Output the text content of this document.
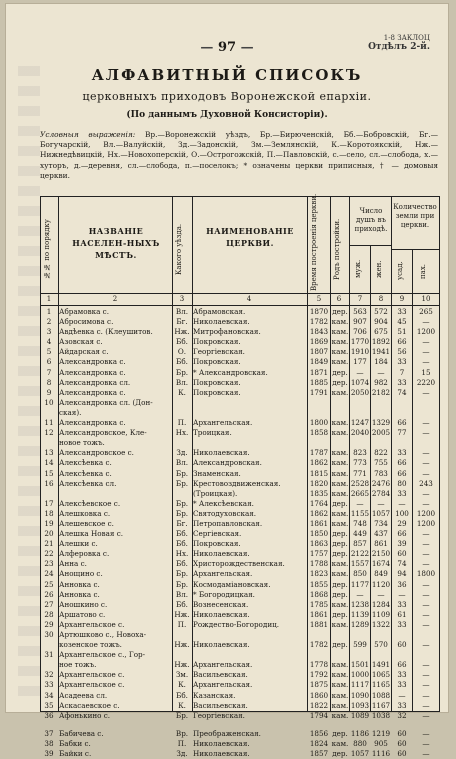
— 97 —
1-8 ЗАКЛОЦ
Отдѣлъ 2-й.
АЛФАВИТНЫЙ СПИСОКЪ
церковныхъ приходовъ Воронежской епархіи.
(По даннымъ Духовной Консисторіи).
Условныя выраженія: Вр.—Воронежскій уѣздъ, Бр.—Бирюченскій, Бб.—Бобровскій, Бг.—Богучарскій, Вл.—Валуйскій, Зд.—Задонскій, Зм.—Землянскій, К.—Коротоякскій, Нж.—Нижнедѣвицкій, Нх.—Новохоперскій, О.—Острогожскій, П.—Павловскій, с.—село, сл.—слобода, х.—хуторъ, д.—деревня, сл.—слобода, п.—поселокъ; * означены церкви приписныя, † — домовыя церкви.
№№ по порядку	НАЗВАНІЕ НАСЕЛЕН-НЫХЪ МѢСТЪ.	Какого уѣзда.	НАИМЕНОВАНІЕ ЦЕРКВИ.	Время построенія церкви.	Родъ постройки.
Число душъ въ приходѣ.
муж.	жен.
Количество земли при церкви.
усад.	пах.
1	2	3	4	5	6	7	8	9	10
1	Абрамовка с.	Вл. Абрамовская.	1870 дер. 563	572	33	265
2	Абросимова с.	Бг. Николаевская.	1782 кам. 907	904	45	—
3	Авдѣевка с. (Клеушитов.	Нж. Митрофановская.	1843 кам. 706	675	51	1200
4	Азовская с.	Бб. Покровская.	1869 кам. 1770 1892	66	—
5	Айдарская с.	О. Георгіевская.	1807 кам. 1910 1941	56	—
6	Александровка с.	Бб. Покровская.	1849 кам. 177	184	33	—
7	Александровка с.	Бр. * Александровская.	1871 дер.	—	—	7	15
8	Александровка сл.	Вл. Покровская.	1885 дер. 1074 982	33	2220
9	Александровка с.	К. Покровская.	1791 кам. 2050 2182	74	—
10 Александровка сл. (Дон-
ская).
11 Александровка с.	П. Архангельская.	1800 кам. 1247 1329	66	—
12 Александровское, Кле-	Нх. Троицкая.	1858 кам. 2040 2005	77	—
новое тожъ.
13 Александровское с.	Зд. Николаевская.	1787 кам. 823	822	33	—
14 Алексѣевка с.	Вл. Александровская.	1862 кам. 773	755	66	—
15 Алексѣевка с.	Бр. Знаменская.	1815 кам. 771	783	66	—
16 Алексѣевка сл.	Бр. Крестовоздвиженская.	1820 кам. 2528 2476	80	243
(Троицкая).	1835 кам. 2665 2784	33	—
17 Алексѣевское с.	Бр. * Алексѣевская.	1764 дер.	—	—	—	—
18 Алешковка с.	Бр. Святодуховская.	1862 кам. 1155 1057 100	1200
19 Алешевское с.	Бг. Петропавловская.	1861 кам. 748	734	29	1200
20 Алешка Новая с.	Бб. Сергіевская.	1850 дер. 449	437	66	—
21 Алешки с.	Бб. Покровская.	1863 дер. 857	861	39	—
22 Алферовка с.	Нх. Николаевская.	1757 дер. 2122 2150	60	—
23 Анна с.	Бб. Христорождественская.	1788 кам. 1557 1674	74	—
24 Анощино с.	Бр. Архангельская.	1823 кам. 850	849	94	1800
25 Анновка с.	Бр. Космодаміановская.	1855 дер. 1177 1120	36	—
26 Анновка с.	Вл. * Богородицкая.	1868 дер.	—	—	—	—
27 Аношкино с.	Бб. Вознесенская.	1785 кам. 1238 1284	33	—
28 Аршатово с.	Нж. Николаевская.	1861 дер. 1139 1109	61	—
29 Архангельское с.	П. Рождество-Богородиц.	1881 кам. 1289 1322	33	—
30 Артюшково с., Новоха-
козенское тожъ.	Нж. Николаевская.	1782 дер. 599	570	60	—
31 Архангельское с., Гор-
ное тожъ.	Нж. Архангельская.	1778 кам. 1501 1491	66	—
32 Архангельское с.	Зм. Васильевская.	1792 кам. 1000 1065	33	—
33 Архангельское с.	К. Архангельская.	1875 кам. 1117 1165	33	—
34 Асадеева сл.	Бб. Казанская.	1860 кам. 1090 1088	—	—
35 Аскасаевское с.	К. Васильевская.	1822 кам. 1093 1167	33	—
36 Афонькино с.	Бр. Георгіевская.	1794 кам. 1089 1038	32	—
37 Бабичева с.	Вр. Преображенская.	1856 дер. 1186 1219	60	—
38 Бабки с.	П. Николаевская.	1824 кам. 880	905	60	—
39 Байки с.	Зд. Николаевская.	1857 дер. 1057 1116	60	—
